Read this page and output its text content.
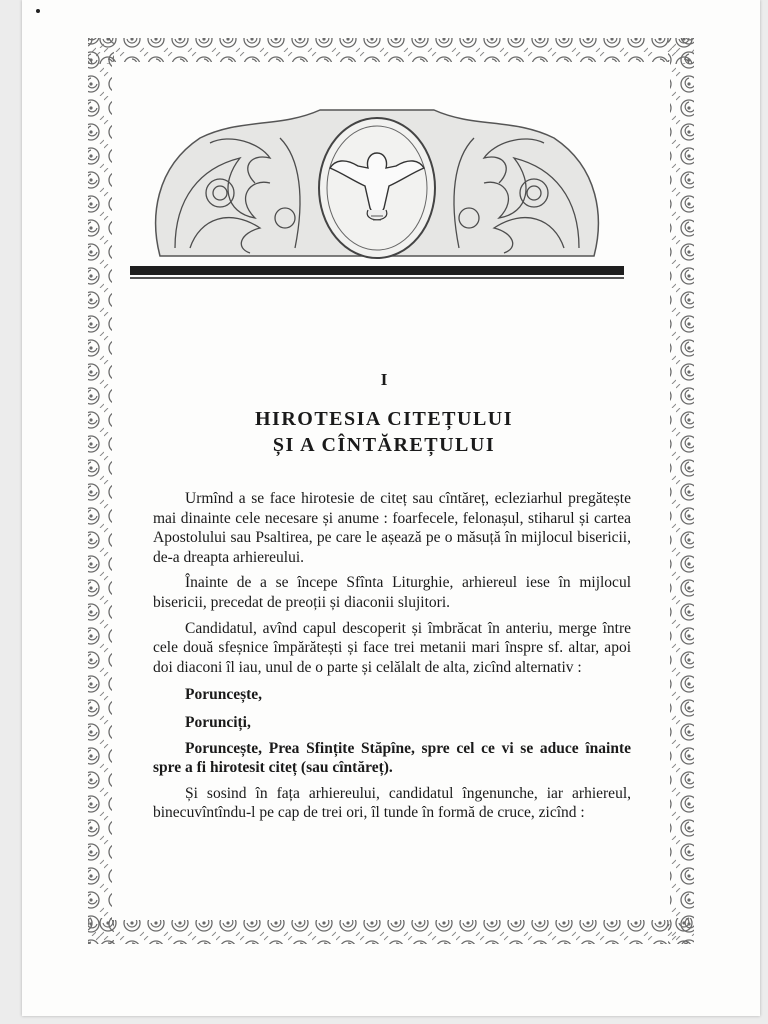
I
HIROTESIA CITEȚULUI
ȘI A CÎNTĂREȚULUI

Urmînd a se face hirotesie de citeț sau cîntăreț, ecleziarhul pregătește mai dinainte cele necesare și anume : foarfecele, felonașul, stiharul și cartea Apostolului sau Psaltirea, pe care le așează pe o măsuță în mijlocul bisericii, de-a dreapta arhiereului.

Înainte de a se începe Sfînta Liturghie, arhiereul iese în mijlocul bisericii, precedat de preoții și diaconii slujitori.

Candidatul, avînd capul descoperit și îmbrăcat în anteriu, merge între cele două sfeșnice împărătești și face trei metanii mari înspre sf. altar, apoi doi diaconi îl iau, unul de o parte și celălalt de alta, zicînd alternativ :

Poruncește,

Porunciți,

Poruncește, Prea Sfințite Stăpîne, spre cel ce vi se aduce înainte spre a fi hirotesit citeț (sau cîntăreț).

Și sosind în fața arhiereului, candidatul îngenunche, iar arhiereul, binecuvîntîndu-l pe cap de trei ori, îl tunde în formă de cruce, zicînd :
